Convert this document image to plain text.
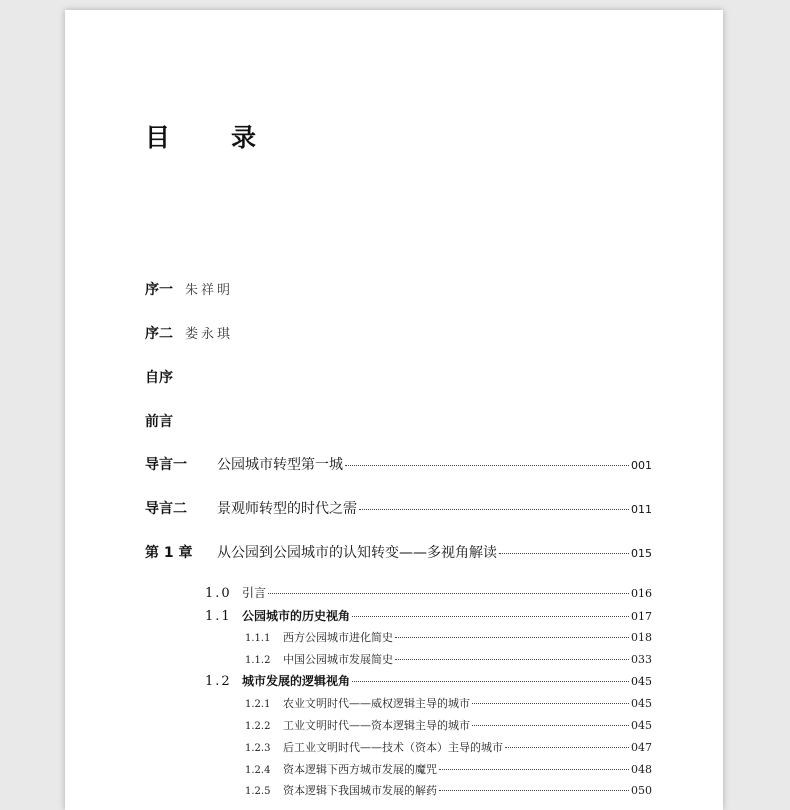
目　录
序一 朱祥明
序二 娄永琪
自序
前言
导言一	公园城市转型第一城	001
导言二	景观师转型的时代之需	011
第 1 章	从公园到公园城市的认知转变——多视角解读	015
1.0 引言	016
1.1 公园城市的历史视角	017
1.1.1	西方公园城市进化简史	018
1.1.2	中国公园城市发展简史	033
1.2 城市发展的逻辑视角	045
1.2.1	农业文明时代——威权逻辑主导的城市	045
1.2.2	工业文明时代——资本逻辑主导的城市	045
1.2.3	后工业文明时代——技术（资本）主导的城市	047
1.2.4	资本逻辑下西方城市发展的魔咒	048
1.2.5	资本逻辑下我国城市发展的解药	050
